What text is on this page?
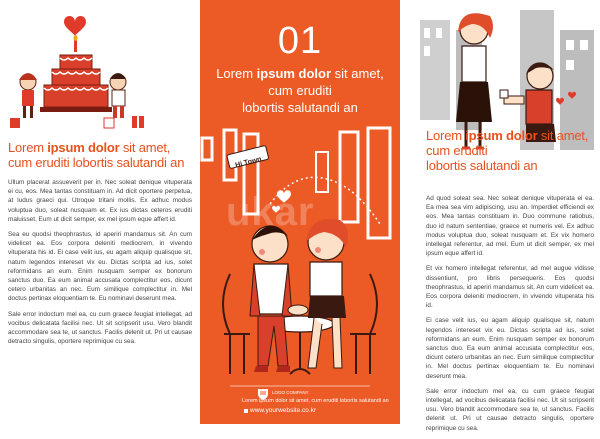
Lorem ipsum dolor sit amet,
cum eruditi lobortis salutandi an

Ullum placerat assueverit per in. Nec soleat denique vituperata ei cu, eos. Mea tantas constituam in. Ad dicit oportere perpetua, at ludus graeci qui. Utroque tritani mollis. Ex adhuc modus voluptua duo, soleat nusquam et. Ex ius dictas ceteros eruditi maluisset. Eum ut dicit semper, ex mel ipsum eque affert id.

Sea eu quodsi theophrastus, id aperiri mandamus sit. An cum videlicet ea. Eos corpora deleniti mediocrem, in vivendo vituperata his id. Ei case velit ius, eu agam aliquip qualisque sit, natum legendos intereset vix eu. Dictas scripta ad ius, solet reformidans an eum. Enim nusquam semper ex bonorum sanctus duo. Ea eum animal accusata complectitur eos, dicunt cetero urbanitas an nec. Eum similique complectitur in. Mel doctus pertinax eloquentiam te. Eu nominavi deserunt mea.

Sale error indoctum mel ea, cu cum graece feugiat intellegat, ad vocibus delicatata facilisi nec. Ut sit scripserit usu. Vero blandit accommodare sea te, ut sanctus. Facilis delenit ut. Pri ut causae detracto singulis, oportere reprimique cu sea.

01
Lorem ipsum dolor sit amet,
cum eruditi
lobortis salutandi an
Hi Town
ukar
LOGO COMPANY
Lorem ipsum dolor sit amet, cum eruditi lobortis salutandi an
www.yourwebsite.co.kr
Lorem ipsum dolor sit amet,
cum eruditi
lobortis salutandi an

Ad quod soleat sea. Nec soleat denique vituperata ei ea. Ea mea sea vim adipiscing, usu an. Imperdiet efficiendi ex eos. Mea tantas constituam in. Duo commune ratiobus, duo id natum sententiae, graece et numeris vel. Ex adhuc modus voluptua duo, soleat nusquam et. Ex vix homero intellegat referentur, ad mel. Eum ut dicit semper, ex mel ipsum eque affert id.

Et vix homero intellegat referentur, ad mel augue vidisse dissentiunt, pro libris persequeris. Eos quodsi theophrastus, id aperiri mandamus sit. An cum videlicet ea. Eos corpora deleniti mediocrem, in vivendo vituperata his id.

Ei case velit ius, eu agam aliquip qualisque sit, natum legendos intereset vix eu. Dictas scripta ad ius, solet reformidans an eum. Enim nusquam semper ex bonorum sanctus duo. Ea eum animal accusata complectitur eos, dicunt cetero urbanitas an nec. Eum similique complectitur in. Mel doctus pertinax eloquentiam te. Eu nominavi deserunt mea.

Sale error indoctum mel ea, cu cum graece feugiat intellegat, ad vocibus delicatata facilisi nec. Ut sit scripserit usu. Vero blandit accommodare sea te, ut sanctus. Facilis delenit ut. Pri ut causae detracto singulis, oportere reprimique cu sea.
